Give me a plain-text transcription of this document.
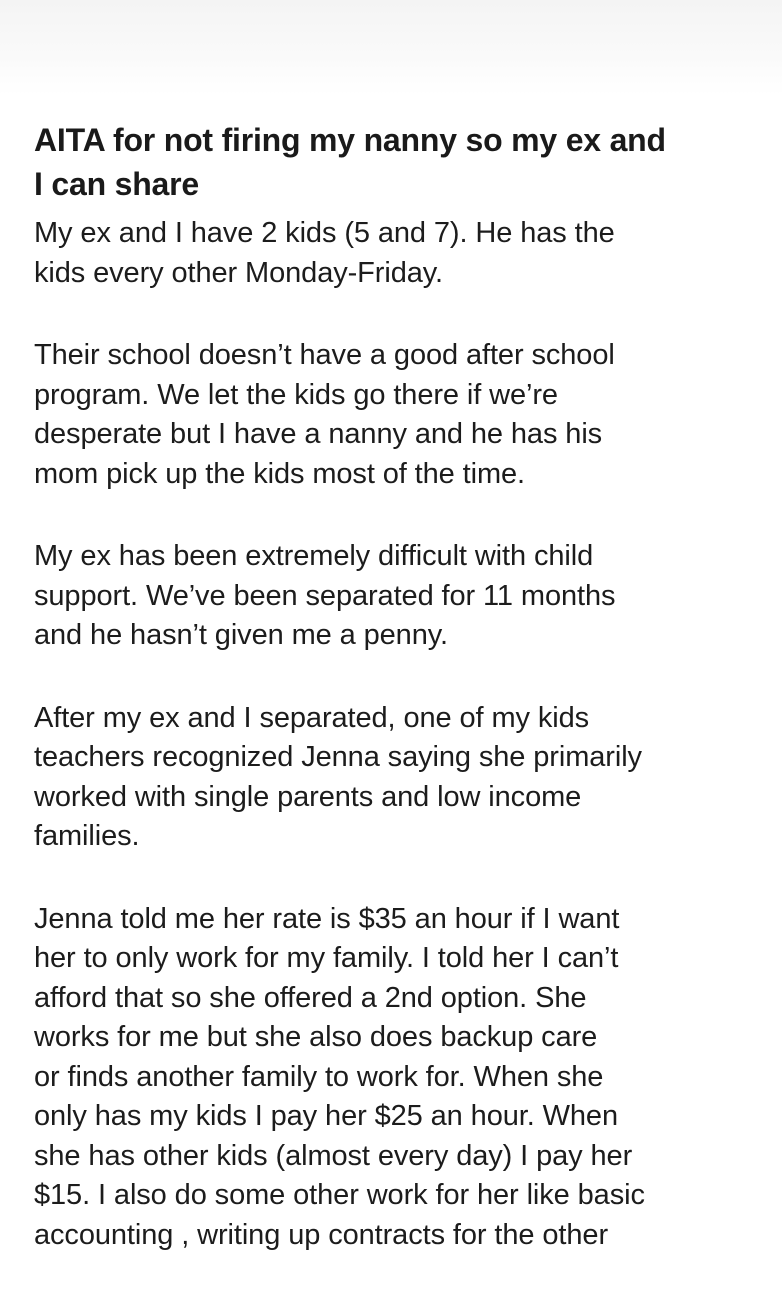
AITA for not firing my nanny so my ex and
I can share

My ex and I have 2 kids (5 and 7). He has the
kids every other Monday-Friday.

Their school doesn’t have a good after school
program. We let the kids go there if we’re
desperate but I have a nanny and he has his
mom pick up the kids most of the time.

My ex has been extremely difficult with child
support. We’ve been separated for 11 months
and he hasn’t given me a penny.

After my ex and I separated, one of my kids
teachers recognized Jenna saying she primarily
worked with single parents and low income
families.

Jenna told me her rate is $35 an hour if I want
her to only work for my family. I told her I can’t
afford that so she offered a 2nd option. She
works for me but she also does backup care
or finds another family to work for. When she
only has my kids I pay her $25 an hour. When
she has other kids (almost every day) I pay her
$15. I also do some other work for her like basic
accounting , writing up contracts for the other
